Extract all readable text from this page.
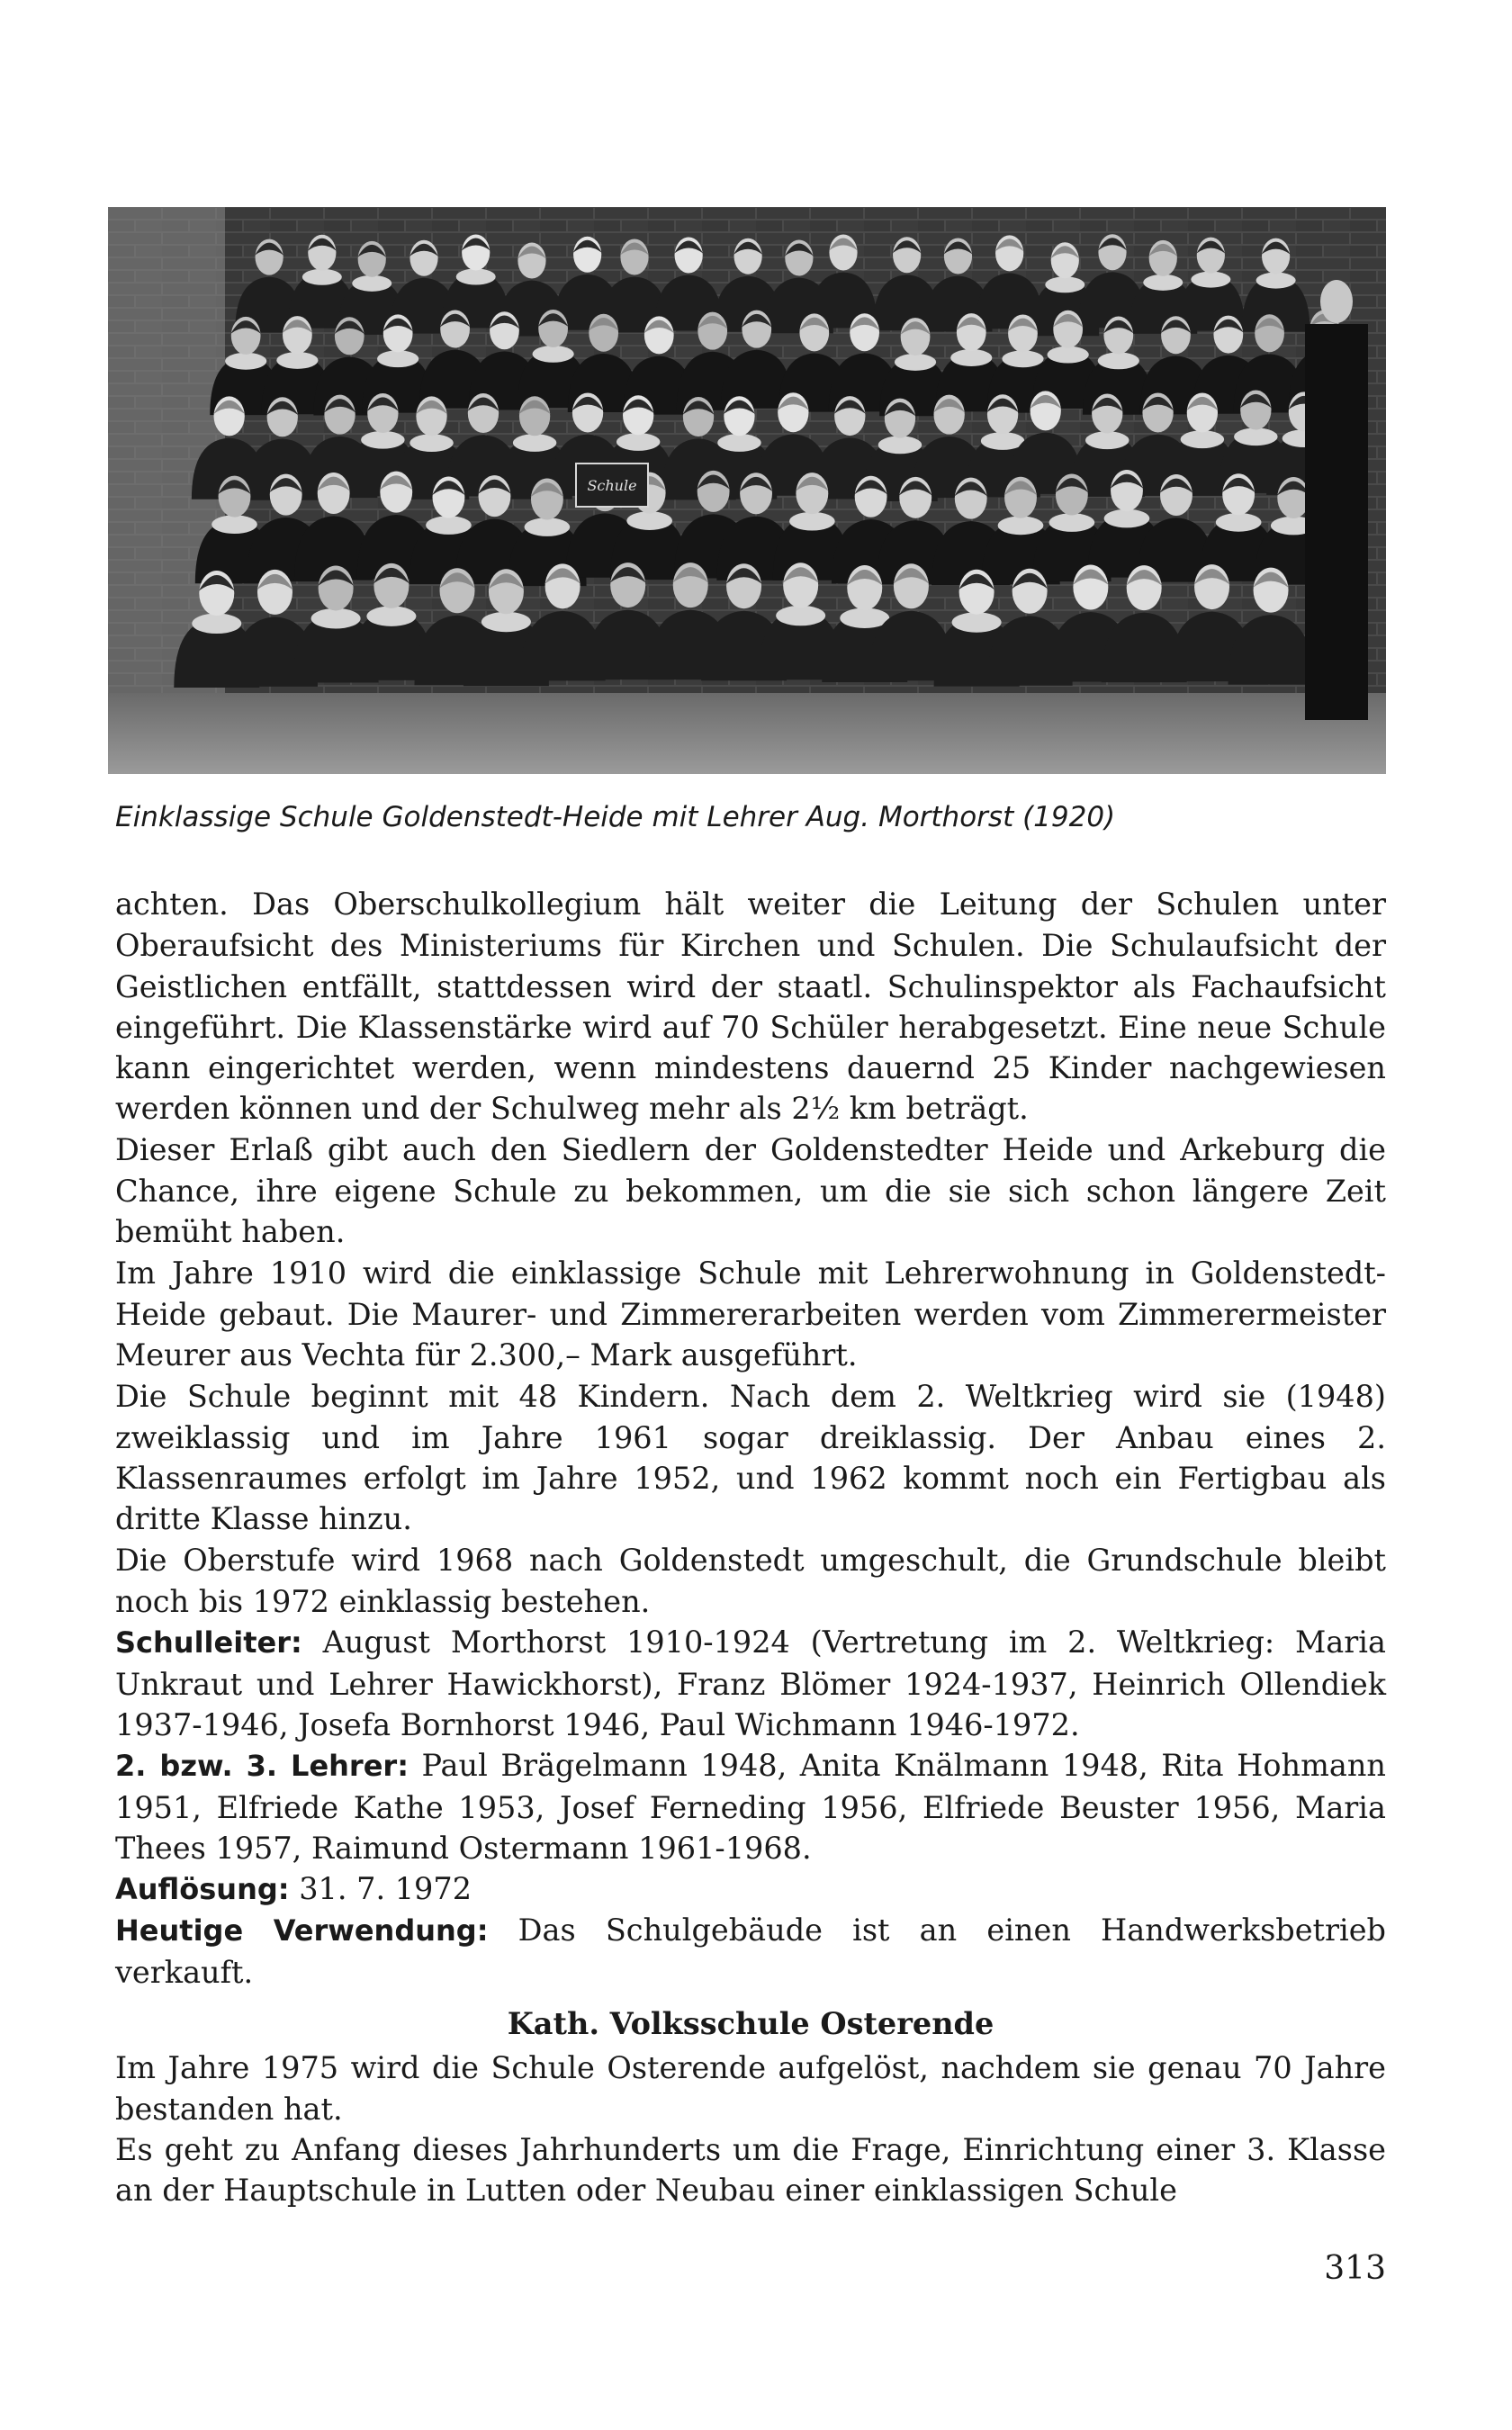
Schule

Einklassige Schule Goldenstedt-Heide mit Lehrer Aug. Morthorst (1920)

achten. Das Oberschulkollegium hält weiter die Leitung der Schulen unter Oberaufsicht des Ministeriums für Kirchen und Schulen. Die Schulaufsicht der Geistlichen entfällt, stattdessen wird der staatl. Schulinspektor als Fachaufsicht eingeführt. Die Klassenstärke wird auf 70 Schüler herabgesetzt. Eine neue Schule kann eingerichtet werden, wenn mindestens dauernd 25 Kinder nachgewiesen werden können und der Schulweg mehr als 2½ km beträgt.

Dieser Erlaß gibt auch den Siedlern der Goldenstedter Heide und Arkeburg die Chance, ihre eigene Schule zu bekommen, um die sie sich schon längere Zeit bemüht haben.

Im Jahre 1910 wird die einklassige Schule mit Lehrerwohnung in Goldenstedt-Heide gebaut. Die Maurer- und Zimmererarbeiten werden vom Zimmerermeister Meurer aus Vechta für 2.300,– Mark ausgeführt.

Die Schule beginnt mit 48 Kindern. Nach dem 2. Weltkrieg wird sie (1948) zweiklassig und im Jahre 1961 sogar dreiklassig. Der Anbau eines 2. Klassenraumes erfolgt im Jahre 1952, und 1962 kommt noch ein Fertigbau als dritte Klasse hinzu.

Die Oberstufe wird 1968 nach Goldenstedt umgeschult, die Grundschule bleibt noch bis 1972 einklassig bestehen.

Schulleiter: August Morthorst 1910-1924 (Vertretung im 2. Weltkrieg: Maria Unkraut und Lehrer Hawickhorst), Franz Blömer 1924-1937, Heinrich Ollendiek 1937-1946, Josefa Bornhorst 1946, Paul Wichmann 1946-1972.

2. bzw. 3. Lehrer: Paul Brägelmann 1948, Anita Knälmann 1948, Rita Hohmann 1951, Elfriede Kathe 1953, Josef Ferneding 1956, Elfriede Beuster 1956, Maria Thees 1957, Raimund Ostermann 1961-1968.

Auflösung: 31. 7. 1972

Heutige Verwendung: Das Schulgebäude ist an einen Handwerksbetrieb verkauft.

Kath. Volksschule Osterende

Im Jahre 1975 wird die Schule Osterende aufgelöst, nachdem sie genau 70 Jahre bestanden hat.

Es geht zu Anfang dieses Jahrhunderts um die Frage, Einrichtung einer 3. Klasse an der Hauptschule in Lutten oder Neubau einer einklassigen Schule

313
